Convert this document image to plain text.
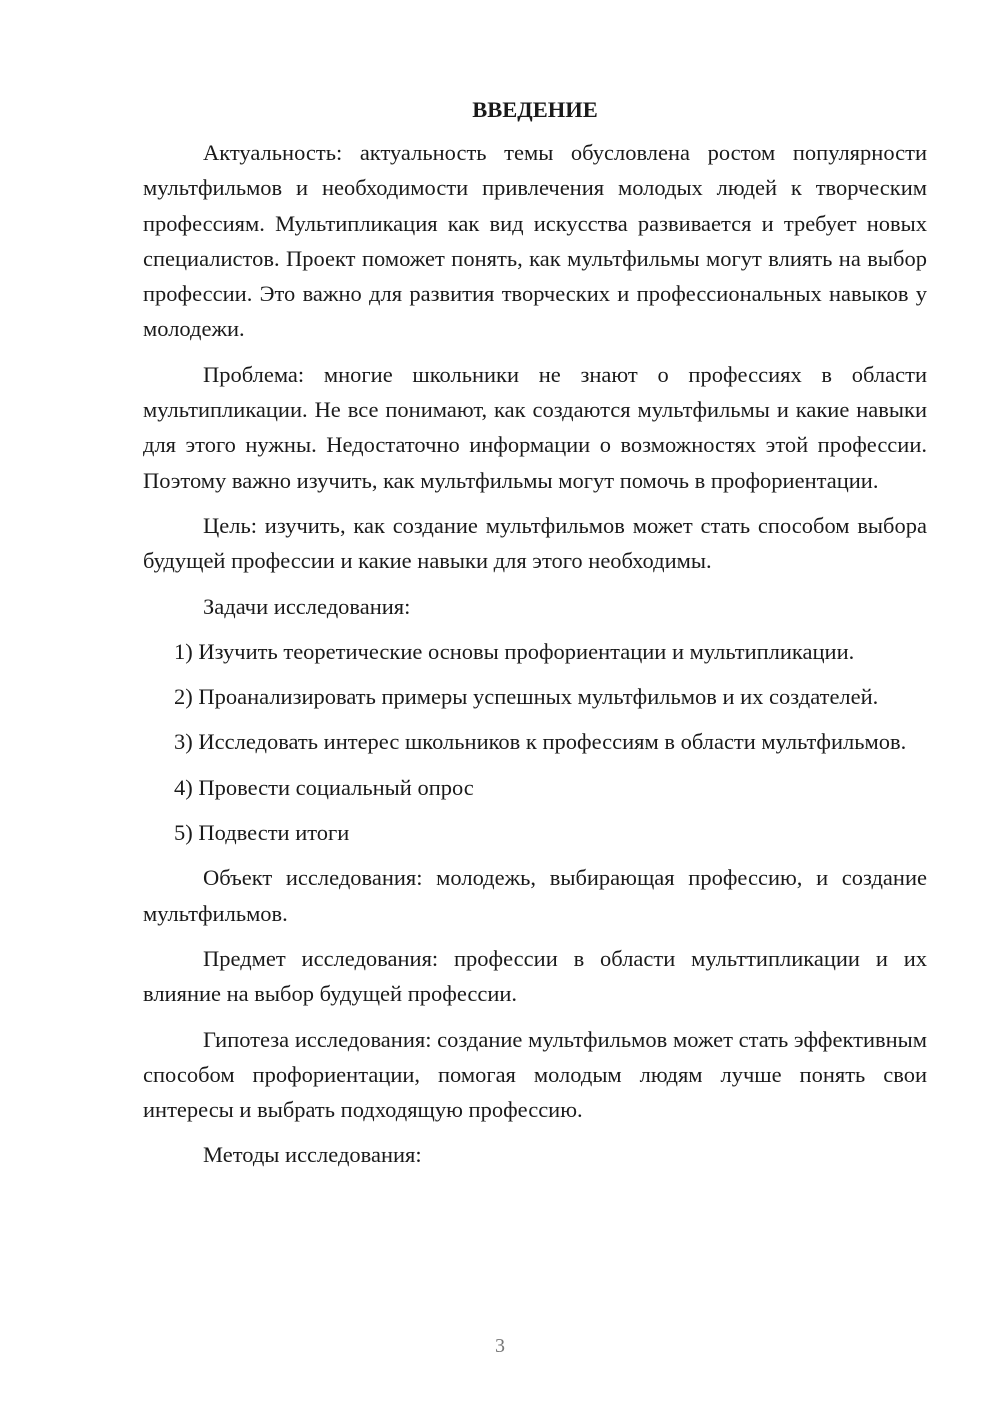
ВВЕДЕНИЕ

Актуальность: актуальность темы обусловлена ростом популярности мультфильмов и необходимости привлечения молодых людей к творческим профессиям. Мультипликация как вид искусства развивается и требует новых специалистов. Проект поможет понять, как мультфильмы могут влиять на выбор профессии. Это важно для развития творческих и профессиональных навыков у молодежи.

Проблема: многие школьники не знают о профессиях в области мультипликации. Не все понимают, как создаются мультфильмы и какие навыки для этого нужны. Недостаточно информации о возможностях этой профессии. Поэтому важно изучить, как мультфильмы могут помочь в профориентации.

Цель: изучить, как создание мультфильмов может стать способом выбора будущей профессии и какие навыки для этого необходимы.

Задачи исследования:

1) Изучить теоретические основы профориентации и мультипликации.

2) Проанализировать примеры успешных мультфильмов и их создателей.

3) Исследовать интерес школьников к профессиям в области мультфильмов.

4) Провести социальный опрос

5) Подвести итоги

Объект исследования: молодежь, выбирающая профессию, и создание мультфильмов.

Предмет исследования: профессии в области мульттипликации и их влияние на выбор будущей профессии.

Гипотеза исследования: создание мультфильмов может стать эффективным способом профориентации, помогая молодым людям лучше понять свои интересы и выбрать подходящую профессию.

Методы исследования:

3
